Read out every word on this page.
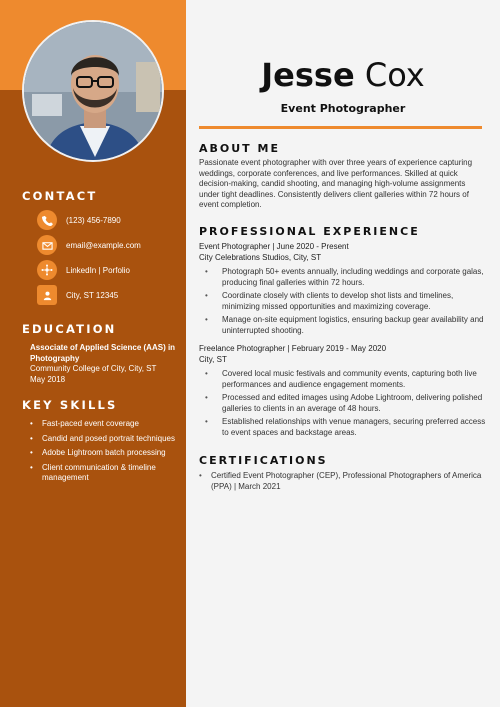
CONTACT
(123) 456-7890
email@example.com
LinkedIn | Porfolio
City, ST 12345
EDUCATION
Associate of Applied Science (AAS) in Photography
Community College of City, City, ST
May 2018
KEY SKILLS
• Fast-paced event coverage
• Candid and posed portrait techniques
• Adobe Lightroom batch processing
• Client communication & timeline management
Jesse Cox
Event Photographer
ABOUT ME
Passionate event photographer with over three years of experience capturing weddings, corporate conferences, and live performances. Skilled at quick decision-making, candid shooting, and managing high-volume assignments under tight deadlines. Consistently delivers client galleries within 72 hours of event completion.
PROFESSIONAL EXPERIENCE
Event Photographer | June 2020 - Present
City Celebrations Studios, City, ST
• Photograph 50+ events annually, including weddings and corporate galas, producing final galleries within 72 hours.
• Coordinate closely with clients to develop shot lists and timelines, minimizing missed opportunities and maximizing coverage.
• Manage on-site equipment logistics, ensuring backup gear availability and uninterrupted shooting.
Freelance Photographer | February 2019 - May 2020
City, ST
• Covered local music festivals and community events, capturing both live performances and audience engagement moments.
• Processed and edited images using Adobe Lightroom, delivering polished galleries to clients in an average of 48 hours.
• Established relationships with venue managers, securing preferred access to event spaces and backstage areas.
CERTIFICATIONS
• Certified Event Photographer (CEP), Professional Photographers of America (PPA) | March 2021
